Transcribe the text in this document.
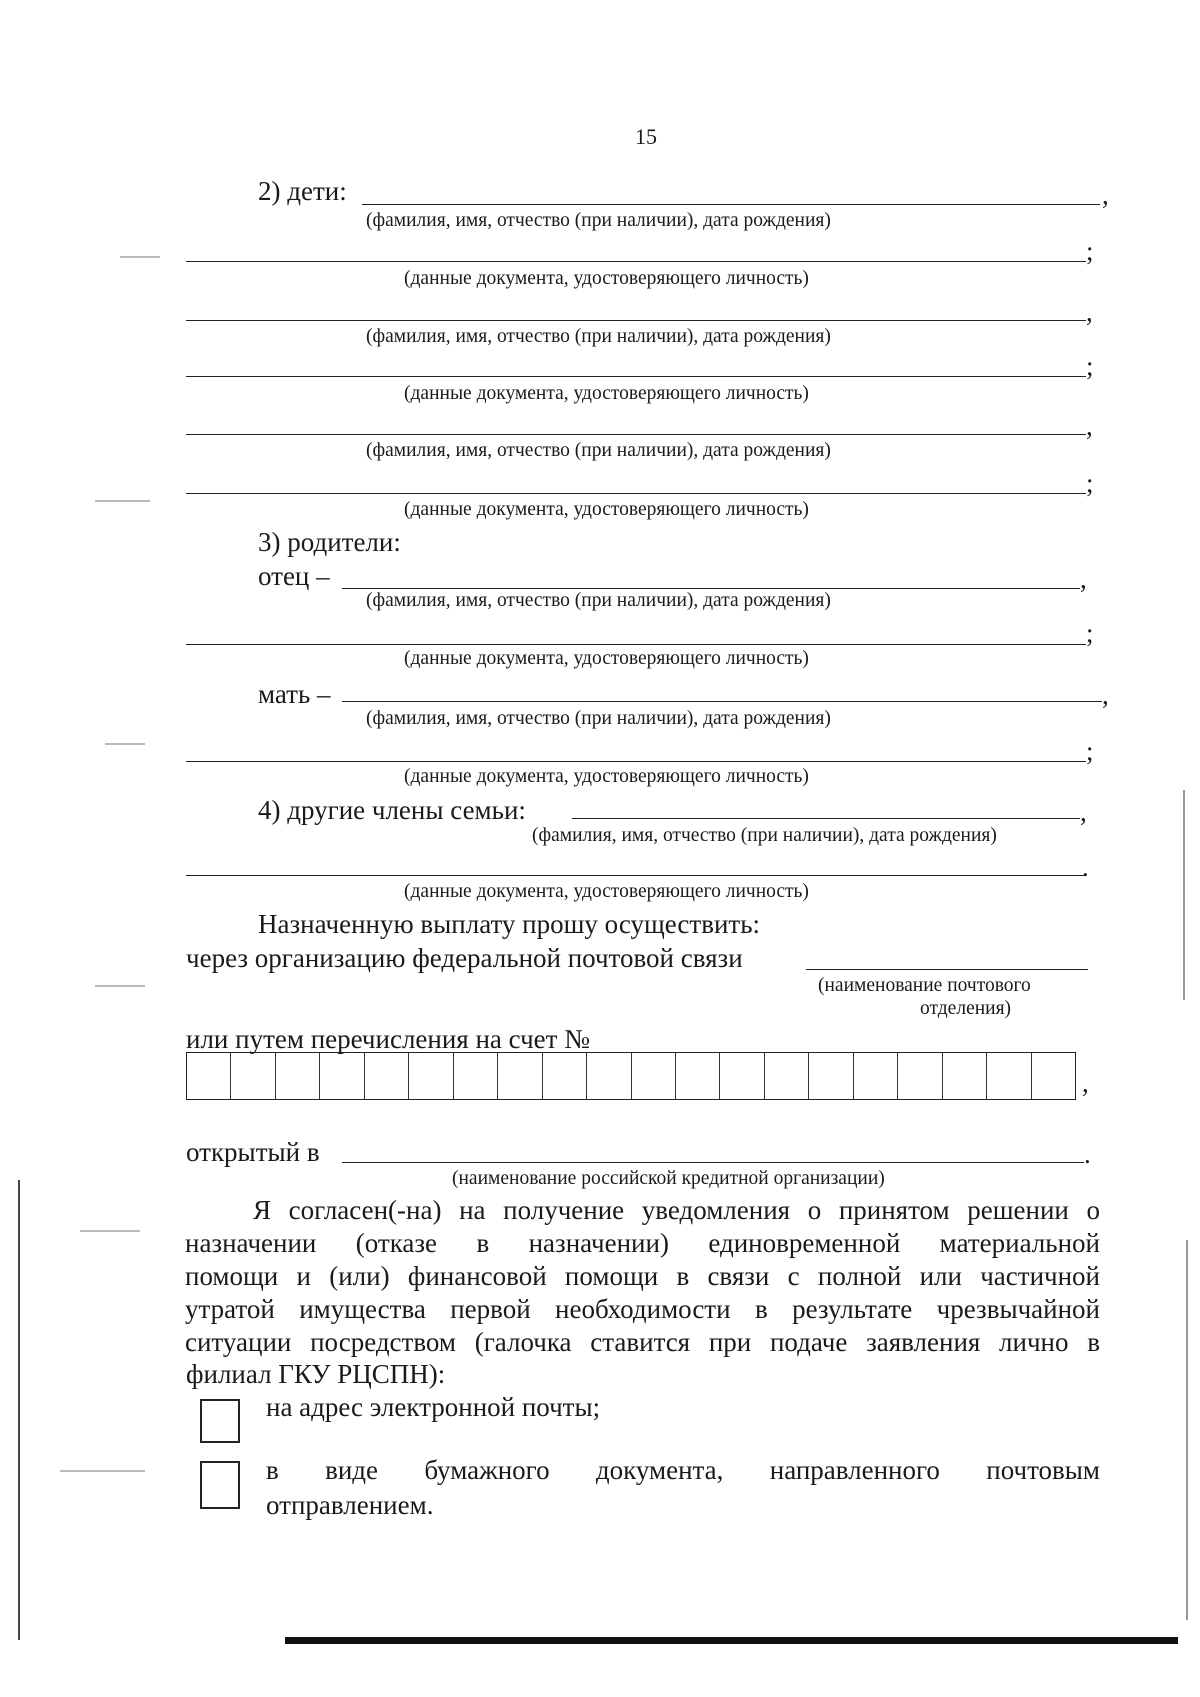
15
2) дети:	,
(фамилия, имя, отчество (при наличии), дата рождения)
;
(данные документа, удостоверяющего личность)
,
(фамилия, имя, отчество (при наличии), дата рождения)
;
(данные документа, удостоверяющего личность)
,
(фамилия, имя, отчество (при наличии), дата рождения)
;
(данные документа, удостоверяющего личность)
3) родители:
отец –	,
(фамилия, имя, отчество (при наличии), дата рождения)
;
(данные документа, удостоверяющего личность)
мать –	,
(фамилия, имя, отчество (при наличии), дата рождения)
;
(данные документа, удостоверяющего личность)
4) другие члены семьи:	,
(фамилия, имя, отчество (при наличии), дата рождения)
.
(данные документа, удостоверяющего личность)
Назначенную выплату прошу осуществить:
через организацию федеральной почтовой связи
(наименование почтового
отделения)
или путем перечисления на счет №
,
открытый в	.
(наименование российской кредитной организации)
Я согласен(-на) на получение уведомления о принятом решении о
назначении (отказе в назначении) единовременной материальной
помощи и (или) финансовой помощи в связи с полной или частичной
утратой имущества первой необходимости в результате чрезвычайной
ситуации посредством (галочка ставится при подаче заявления лично в
филиал ГКУ РЦСПН):
на адрес электронной почты;
в виде бумажного документа, направленного почтовым
отправлением.
